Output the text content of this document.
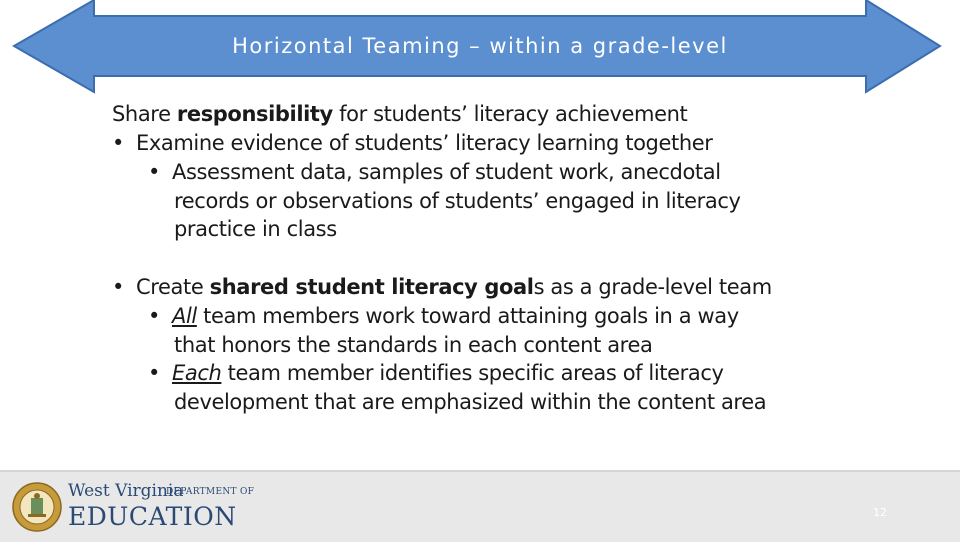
Horizontal Teaming – within a grade-level
Share responsibility for students’ literacy achievement
• Examine evidence of students’ literacy learning together
• Assessment data, samples of student work, anecdotal
records or observations of students’ engaged in literacy
practice in class
• Create shared student literacy goals as a grade-level team
• All team members work toward attaining goals in a way
that honors the standards in each content area
• Each team member identifies specific areas of literacy
development that are emphasized within the content area
West Virginia
DEPARTMENT OF
EDUCATION	12
